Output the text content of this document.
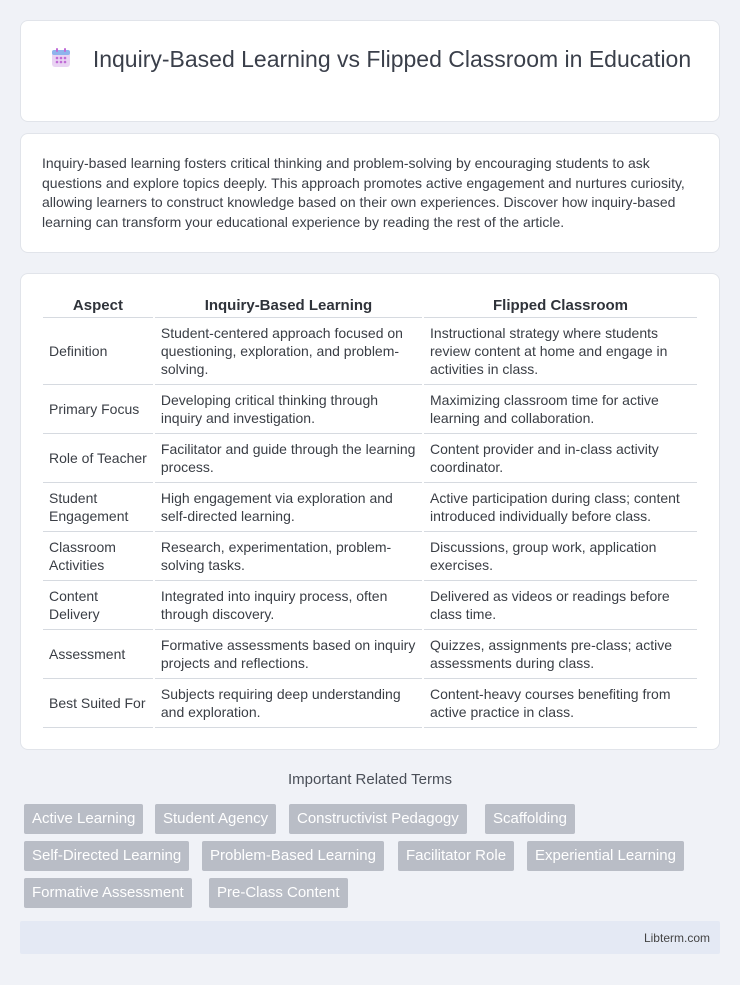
Inquiry-Based Learning vs Flipped Classroom in Education

Inquiry-based learning fosters critical thinking and problem-solving by encouraging students to ask questions and explore topics deeply. This approach promotes active engagement and nurtures curiosity, allowing learners to construct knowledge based on their own experiences. Discover how inquiry-based learning can transform your educational experience by reading the rest of the article.

Aspect	Inquiry-Based Learning	Flipped Classroom
Definition	Student-centered approach focused on questioning, exploration, and problem-solving.	Instructional strategy where students review content at home and engage in activities in class.
Primary Focus	Developing critical thinking through inquiry and investigation.	Maximizing classroom time for active learning and collaboration.
Role of Teacher	Facilitator and guide through the learning process.	Content provider and in-class activity coordinator.
Student Engagement	High engagement via exploration and self-directed learning.	Active participation during class; content introduced individually before class.
Classroom Activities	Research, experimentation, problem-solving tasks.	Discussions, group work, application exercises.
Content Delivery	Integrated into inquiry process, often through discovery.	Delivered as videos or readings before class time.
Assessment	Formative assessments based on inquiry projects and reflections.	Quizzes, assignments pre-class; active assessments during class.
Best Suited For	Subjects requiring deep understanding and exploration.	Content-heavy courses benefiting from active practice in class.
Important Related Terms
Active Learning	Student Agency	Constructivist Pedagogy	Scaffolding
Self-Directed Learning	Problem-Based Learning	Facilitator Role	Experiential Learning
Formative Assessment	Pre-Class Content
Libterm.com
